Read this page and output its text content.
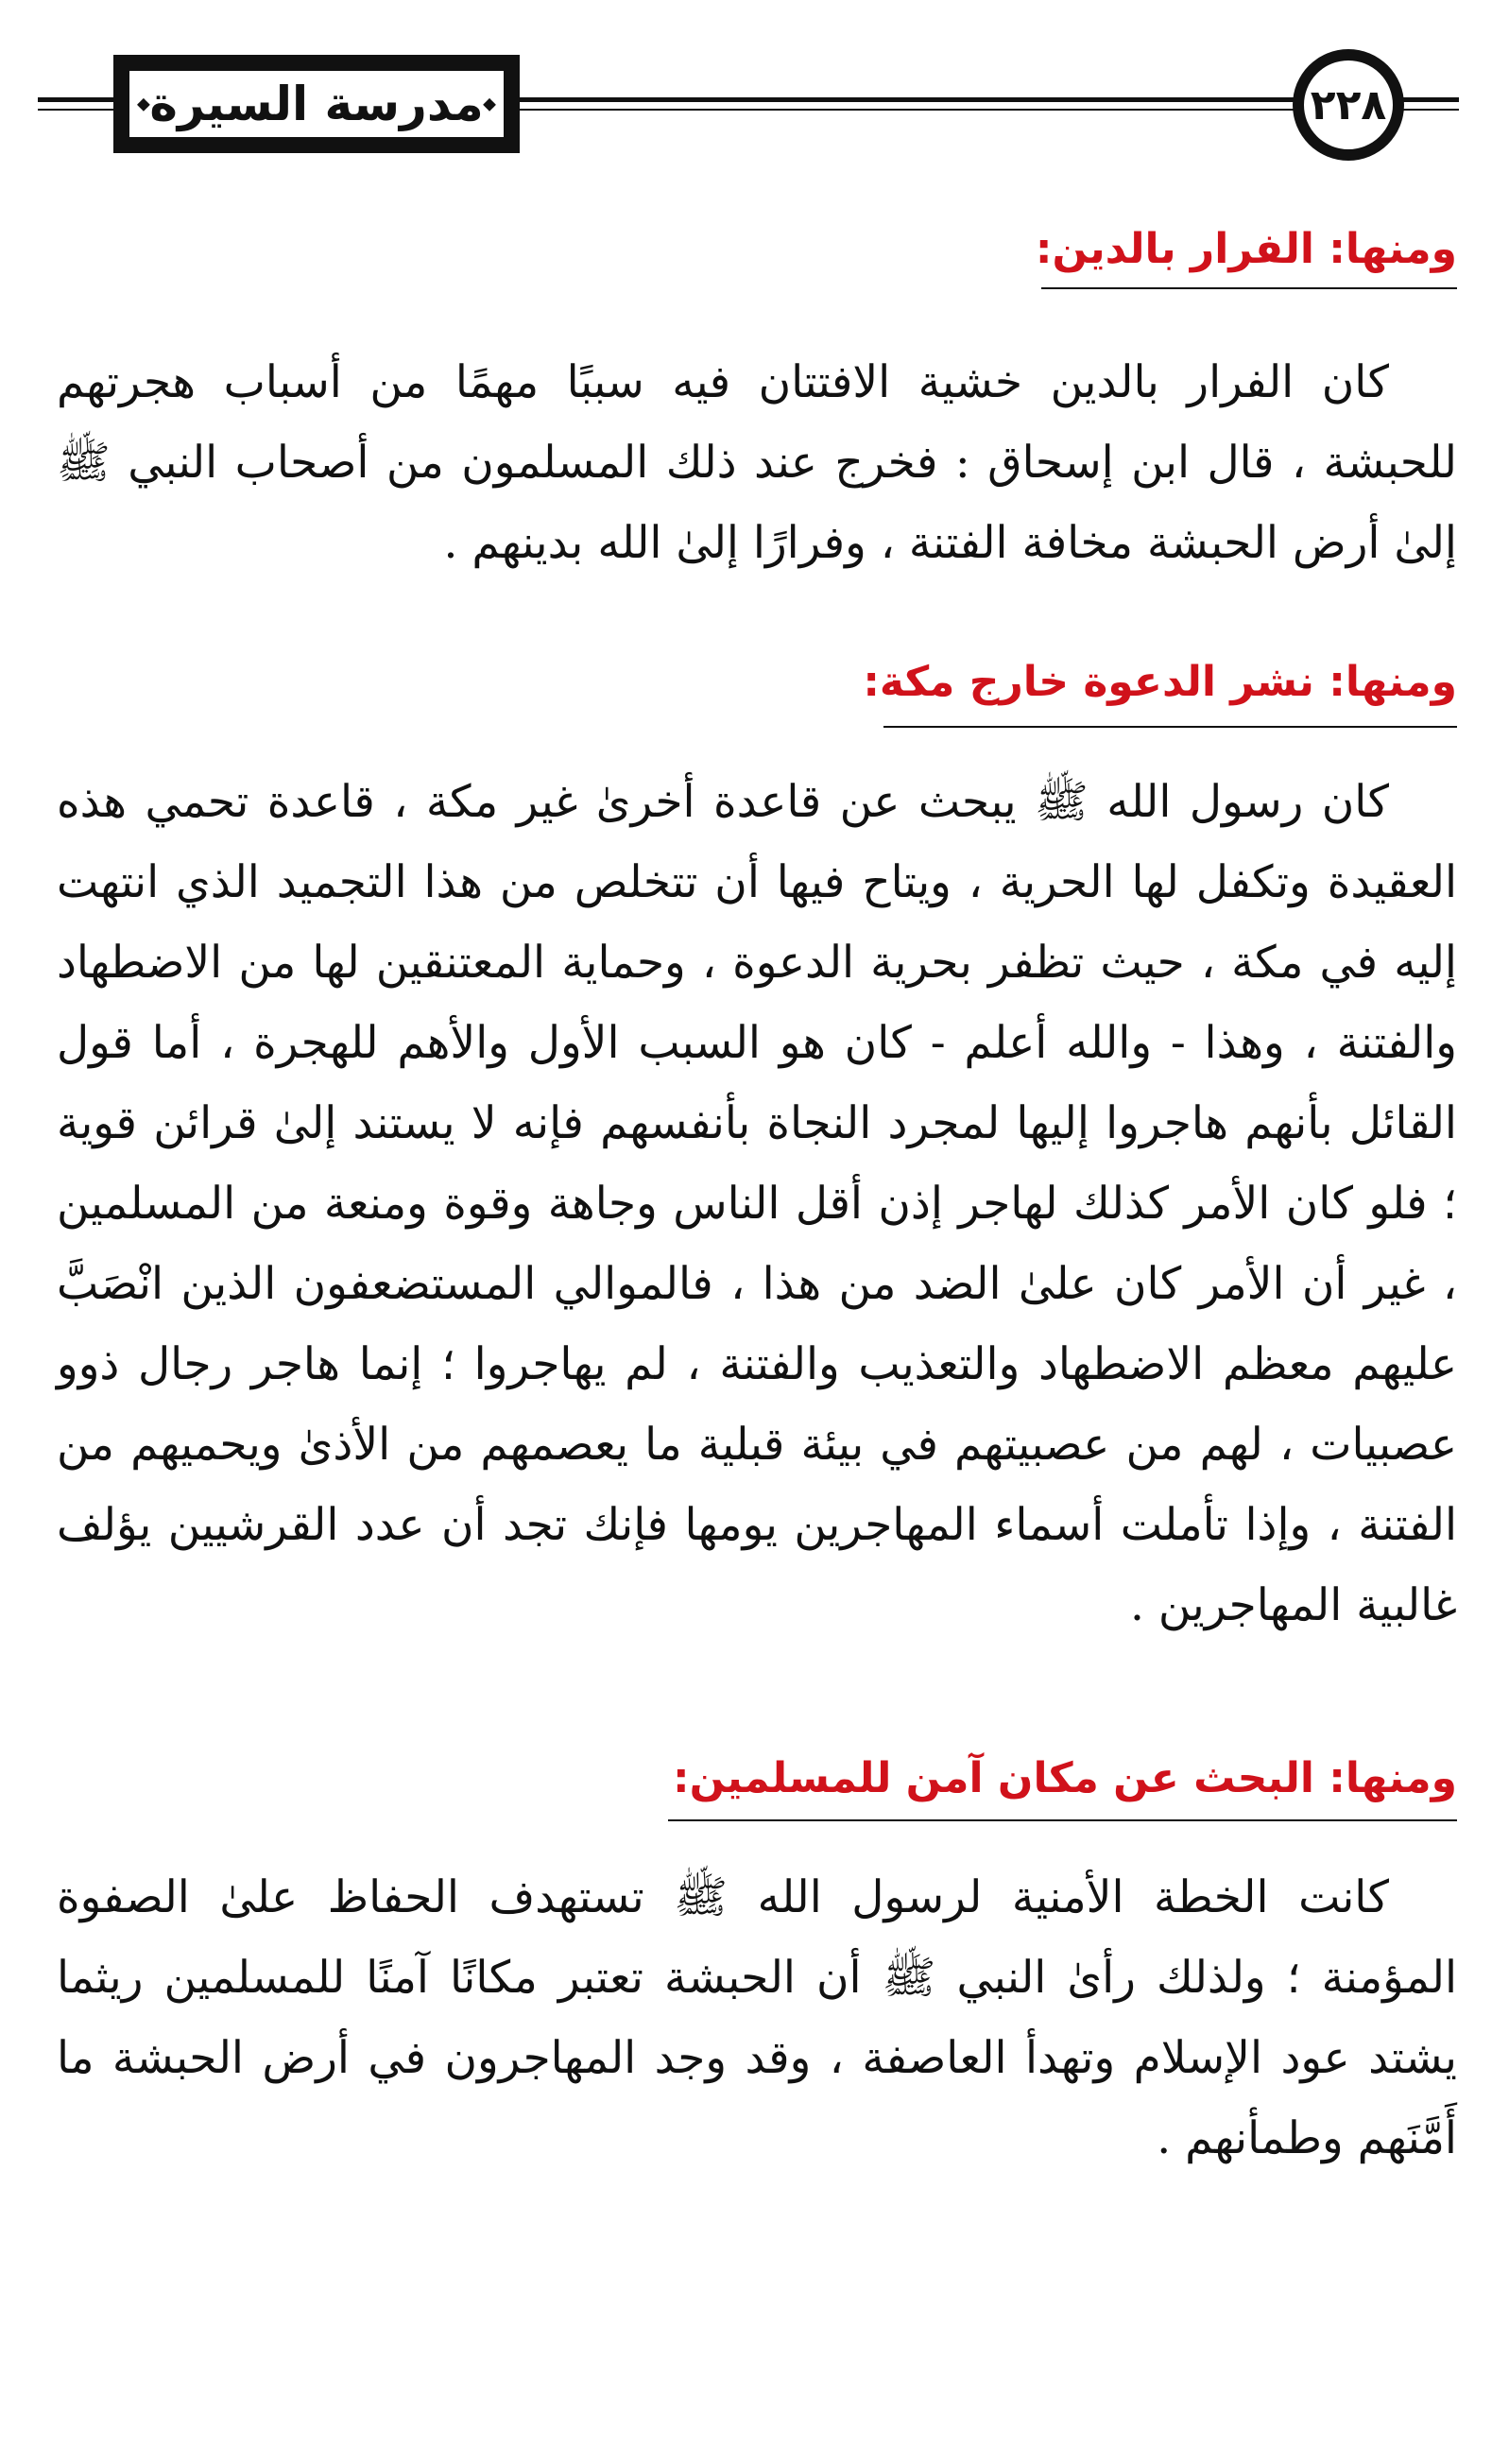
◆ مدرسة السيرة
◆	٢٢٨
ومنها: الفرار بالدين:

كان الفرار بالدين خشية الافتتان فيه سببًا مهمًا من أسباب هجرتهم للحبشة ، قال ابن إسحاق : فخرج عند ذلك المسلمون من أصحاب النبي ﷺ إلىٰ أرض الحبشة مخافة الفتنة ، وفرارًا إلىٰ الله بدينهم .

ومنها: نشر الدعوة خارج مكة:

كان رسول الله ﷺ يبحث عن قاعدة أخرىٰ غير مكة ، قاعدة تحمي هذه العقيدة وتكفل لها الحرية ، ويتاح فيها أن تتخلص من هذا التجميد الذي انتهت إليه في مكة ، حيث تظفر بحرية الدعوة ، وحماية المعتنقين لها من الاضطهاد والفتنة ، وهذا - والله أعلم - كان هو السبب الأول والأهم للهجرة ، أما قول القائل بأنهم هاجروا إليها لمجرد النجاة بأنفسهم فإنه لا يستند إلىٰ قرائن قوية ؛ فلو كان الأمر كذلك لهاجر إذن أقل الناس وجاهة وقوة ومنعة من المسلمين ، غير أن الأمر كان علىٰ الضد من هذا ، فالموالي المستضعفون الذين انْصَبَّ عليهم معظم الاضطهاد والتعذيب والفتنة ، لم يهاجروا ؛ إنما هاجر رجال ذوو عصبيات ، لهم من عصبيتهم في بيئة قبلية ما يعصمهم من الأذىٰ ويحميهم من الفتنة ، وإذا تأملت أسماء المهاجرين يومها فإنك تجد أن عدد القرشيين يؤلف غالبية المهاجرين .

ومنها: البحث عن مكان آمن للمسلمين:

كانت الخطة الأمنية لرسول الله ﷺ تستهدف الحفاظ علىٰ الصفوة المؤمنة ؛ ولذلك رأىٰ النبي ﷺ أن الحبشة تعتبر مكانًا آمنًا للمسلمين ريثما يشتد عود الإسلام وتهدأ العاصفة ، وقد وجد المهاجرون في أرض الحبشة ما أَمَّنَهم وطمأنهم .
